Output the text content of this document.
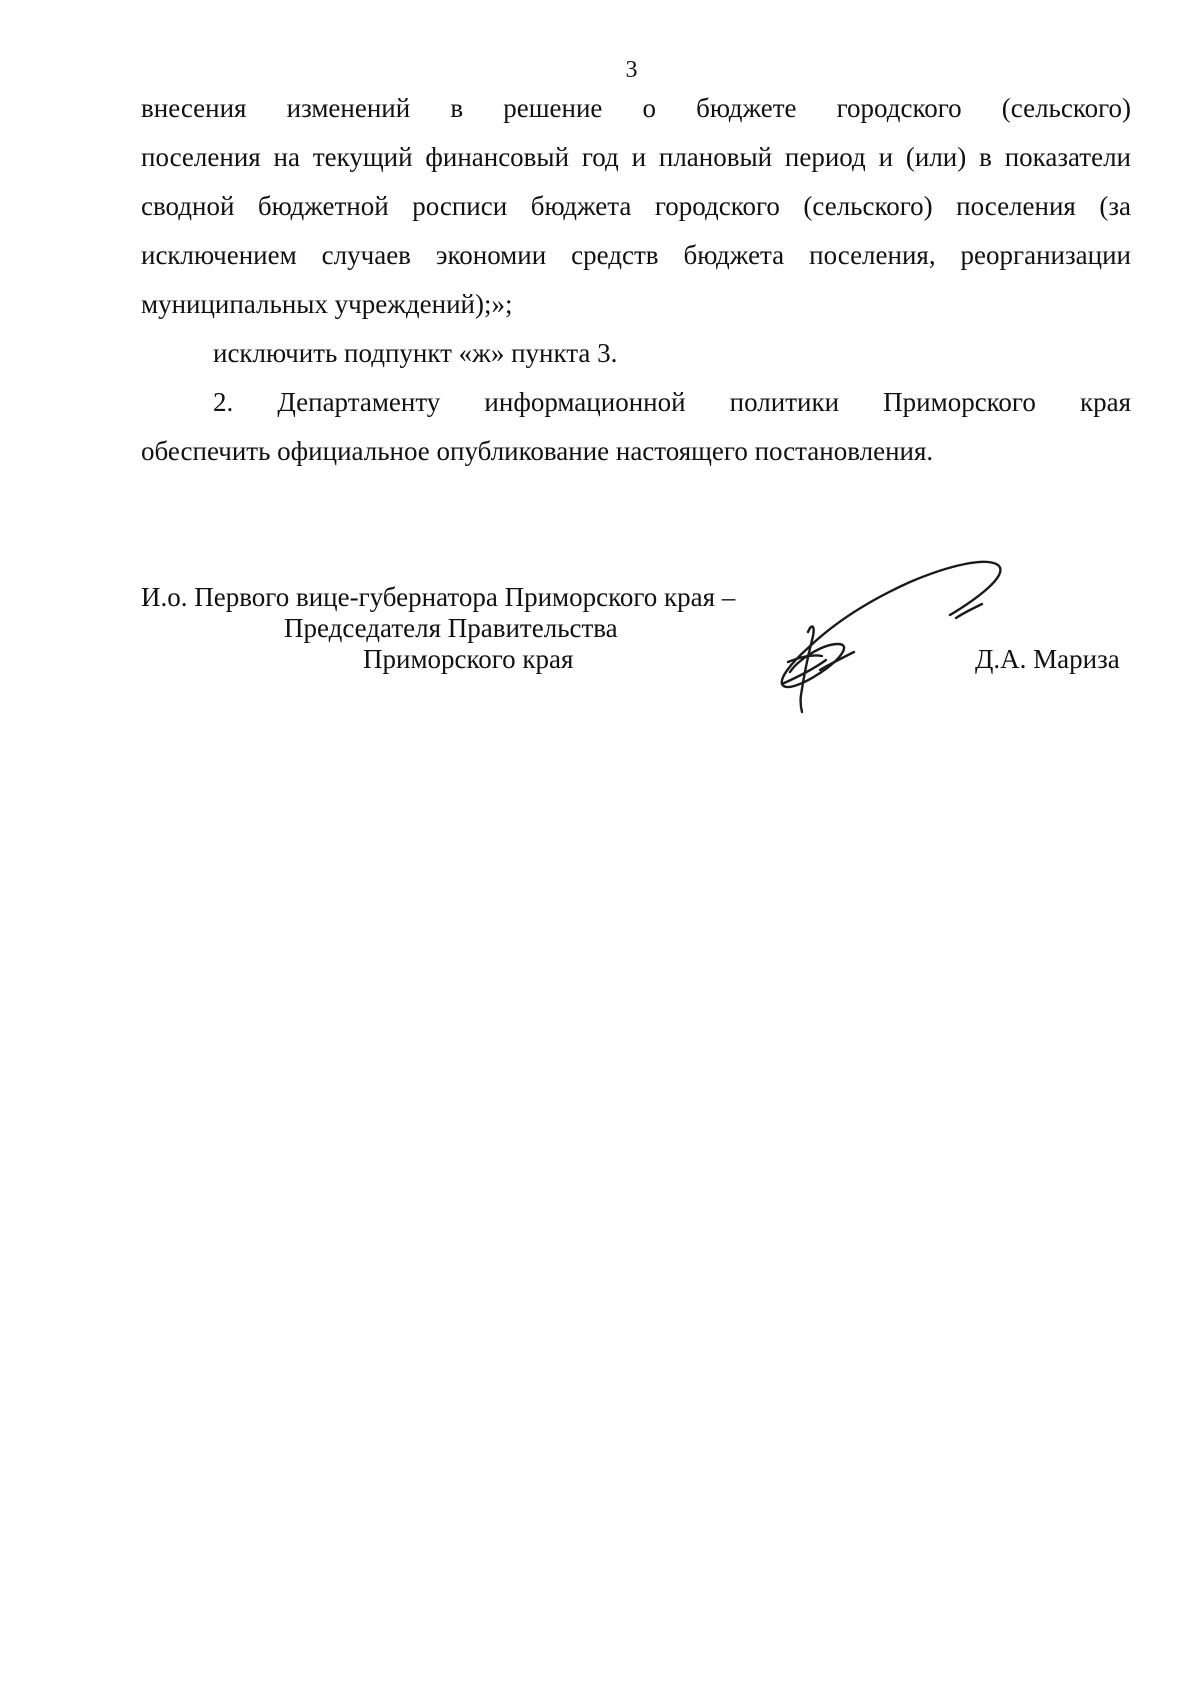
3

внесения изменений в решение о бюджете городского (сельского)
поселения на текущий финансовый год и плановый период и (или) в показатели
сводной бюджетной росписи бюджета городского (сельского) поселения (за
исключением случаев экономии средств бюджета поселения, реорганизации
муниципальных учреждений);»;

исключить подпункт «ж» пункта 3.

2. Департаменту информационной политики Приморского края
обеспечить официальное опубликование настоящего постановления.

И.о. Первого вице-губернатора Приморского края –
Председателя Правительства
Приморского края	Д.А. Мариза
